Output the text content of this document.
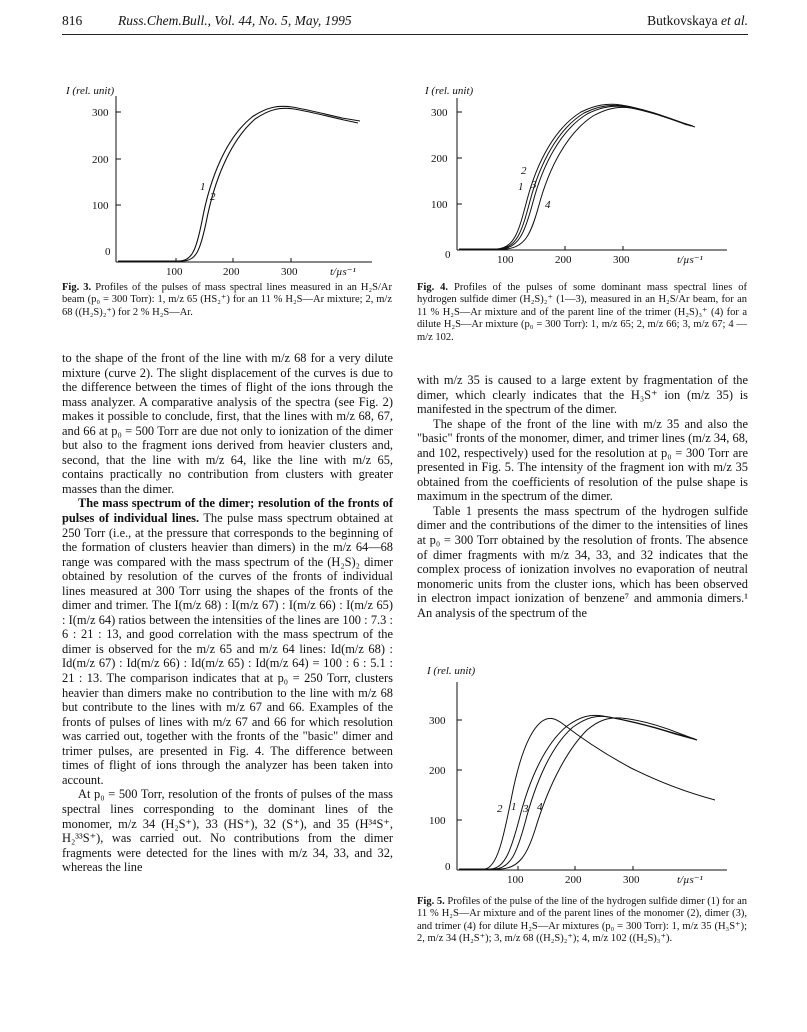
816	Russ.Chem.Bull., Vol. 44, No. 5, May, 1995	Butkovskaya et al.
I (rel. unit)
300
200
100
0
100	200	300	t/µs⁻¹
1
2
Fig. 3. Profiles of the pulses of mass spectral lines measured in an H₂S/Ar beam (p₀ = 300 Torr): 1, m/z 65 (HS₂⁺) for an 11 % H₂S—Ar mixture; 2, m/z 68 ((H₂S)₂⁺) for 2 % H₂S—Ar.
I (rel. unit)
300
200
100
0	100	200	300	t/µs⁻¹
2
1 3
4
Fig. 4. Profiles of the pulses of some dominant mass spectral lines of hydrogen sulfide dimer (H₂S)₂⁺ (1—3), measured in an H₂S/Ar beam, for an 11 % H₂S—Ar mixture and of the parent line of the trimer (H₂S)₃⁺ (4) for a dilute H₂S—Ar mixture (p₀ = 300 Torr): 1, m/z 65; 2, m/z 66; 3, m/z 67; 4 — m/z 102.

to the shape of the front of the line with m/z 68 for a very dilute mixture (curve 2). The slight displacement of the curves is due to the difference between the times of flight of the ions through the mass analyzer. A comparative analysis of the spectra (see Fig. 2) makes it possible to conclude, first, that the lines with m/z 68, 67, and 66 at p₀ = 500 Torr are due not only to ionization of the dimer but also to the fragment ions derived from heavier clusters and, second, that the line with m/z 64, like the line with m/z 65, contains practically no contribution from clusters with greater masses than the dimer.

The mass spectrum of the dimer; resolution of the fronts of pulses of individual lines. The pulse mass spectrum obtained at 250 Torr (i.e., at the pressure that corresponds to the beginning of the formation of clusters heavier than dimers) in the m/z 64—68 range was compared with the mass spectrum of the (H₂S)₂ dimer obtained by resolution of the curves of the fronts of individual lines measured at 300 Torr using the shapes of the fronts of the dimer and trimer. The I(m/z 68) : I(m/z 67) : I(m/z 66) : I(m/z 65) : I(m/z 64) ratios between the intensities of the lines are 100 : 7.3 : 6 : 21 : 13, and good correlation with the mass spectrum of the dimer is observed for the m/z 65 and m/z 64 lines: Id(m/z 68) : Id(m/z 67) : Id(m/z 66) : Id(m/z 65) : Id(m/z 64) = 100 : 6 : 5.1 : 21 : 13. The comparison indicates that at p₀ = 250 Torr, clusters heavier than dimers make no contribution to the line with m/z 68 but contribute to the lines with m/z 67 and 66. Examples of the fronts of pulses of lines with m/z 67 and 66 for which resolution was carried out, together with the fronts of the "basic" dimer and trimer pulses, are presented in Fig. 4. The difference between times of flight of ions through the analyzer has been taken into account.

At p₀ = 500 Torr, resolution of the fronts of pulses of the mass spectral lines corresponding to the dominant lines of the monomer, m/z 34 (H₂S⁺), 33 (HS⁺), 32 (S⁺), and 35 (H³⁴S⁺, H₂³³S⁺), was carried out. No contributions from the dimer fragments were detected for the lines with m/z 34, 33, and 32, whereas the line

with m/z 35 is caused to a large extent by fragmentation of the dimer, which clearly indicates that the H₃S⁺ ion (m/z 35) is manifested in the spectrum of the dimer.

The shape of the front of the line with m/z 35 and also the "basic" fronts of the monomer, dimer, and trimer lines (m/z 34, 68, and 102, respectively) used for the resolution at p₀ = 300 Torr are presented in Fig. 5. The intensity of the fragment ion with m/z 35 obtained from the coefficients of resolution of the pulse shape is maximum in the spectrum of the dimer.

Table 1 presents the mass spectrum of the hydrogen sulfide dimer and the contributions of the dimer to the intensities of lines at p₀ = 300 Torr obtained by the resolution of fronts. The absence of dimer fragments with m/z 34, 33, and 32 indicates that the complex process of ionization involves no evaporation of neutral monomeric units from the cluster ions, which has been observed in electron impact ionization of benzene⁷ and ammonia dimers.¹ An analysis of the spectrum of the

I (rel. unit)
300
200
100
0
100	200	300	t/µs⁻¹
2 1 3 4
Fig. 5. Profiles of the pulse of the line of the hydrogen sulfide dimer (1) for an 11 % H₂S—Ar mixture and of the parent lines of the monomer (2), dimer (3), and trimer (4) for dilute H₂S—Ar mixtures (p₀ = 300 Torr): 1, m/z 35 (H₃S⁺); 2, m/z 34 (H₂S⁺); 3, m/z 68 ((H₂S)₂⁺); 4, m/z 102 ((H₂S)₃⁺).
